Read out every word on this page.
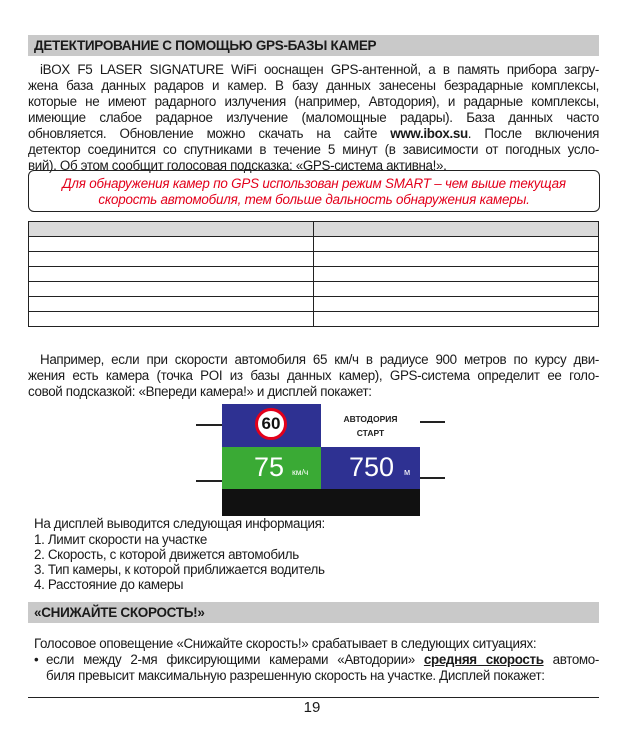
ДЕТЕКТИРОВАНИЕ С ПОМОЩЬЮ GPS-БАЗЫ КАМЕР
iBOX F5 LASER SIGNATURE WiFi ооснащен GPS-антенной, а в память прибора загру-
жена база данных радаров и камер. В базу данных занесены безрадарные комплексы,
которые не имеют радарного излучения (например, Автодория), и радарные комплексы,
имеющие слабое радарное излучение (маломощные радары). База данных часто
обновляется. Обновление можно скачать на сайте www.ibox.su. После включения
детектор соединится со спутниками в течение 5 минут (в зависимости от погодных усло-
вий). Об этом сообщит голосовая подсказка: «GPS-система активна!».
Для обнаружения камер по GPS использован режим SMART – чем выше текущая
скорость автомобиля, тем больше дальность обнаружения камеры.

Например, если при скорости автомобиля 65 км/ч в радиусе 900 метров по курсу дви-
жения есть камера (точка POI из базы данных камер), GPS-система определит ее голо-
совой подсказкой: «Впереди камера!» и дисплей покажет:
60	АВТОДОРИЯ
СТАРТ
75 км/ч 750 м
На дисплей выводится следующая информация:
1. Лимит скорости на участке
2. Скорость, с которой движется автомобиль
3. Тип камеры, к которой приближается водитель
4. Расстояние до камеры
«СНИЖАЙТЕ СКОРОСТЬ!»
Голосовое оповещение «Снижайте скорость!» срабатывает в следующих ситуациях:
• если между 2-мя фиксирующими камерами «Автодории» средняя скорость автомо-
биля превысит максимальную разрешенную скорость на участке. Дисплей покажет:
19
